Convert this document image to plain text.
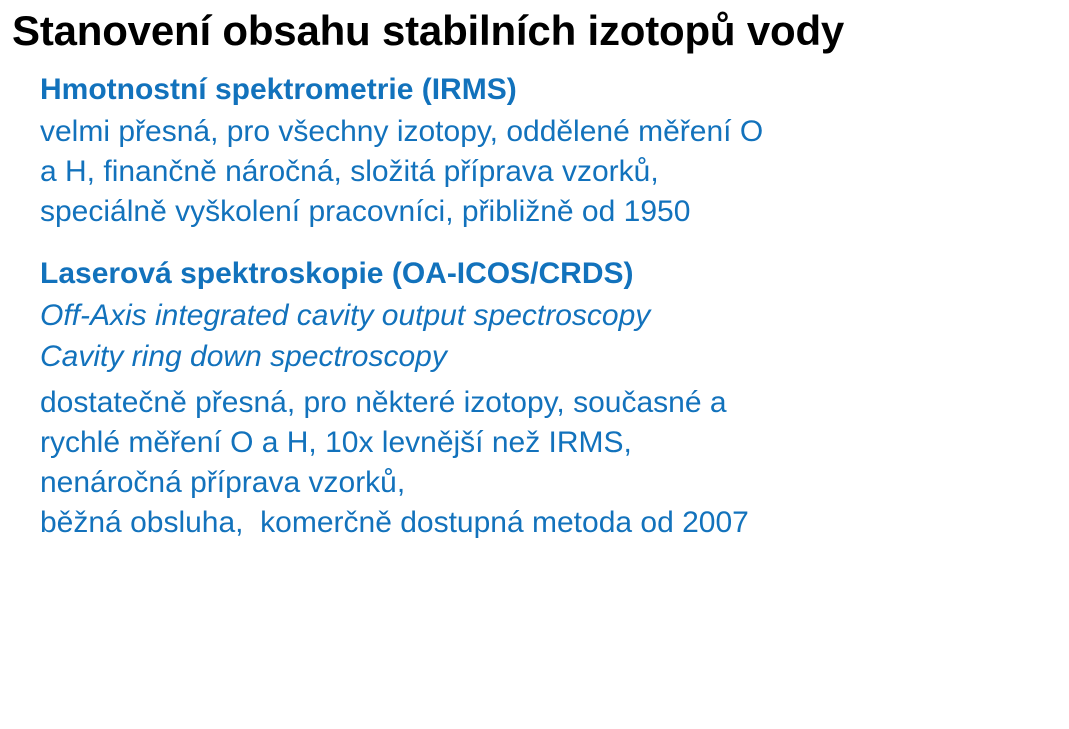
Stanovení obsahu stabilních izotopů vody
Hmotnostní spektrometrie (IRMS)

velmi přesná, pro všechny izotopy, oddělené měření O

a H, finančně náročná, složitá příprava vzorků,

speciálně vyškolení pracovníci, přibližně od 1950

Laserová spektroskopie (OA-ICOS/CRDS)

Off-Axis integrated cavity output spectroscopy

Cavity ring down spectroscopy

dostatečně přesná, pro některé izotopy, současné a

rychlé měření O a H, 10x levnější než IRMS,

nenáročná příprava vzorků,

běžná obsluha,  komerčně dostupná metoda od 2007
